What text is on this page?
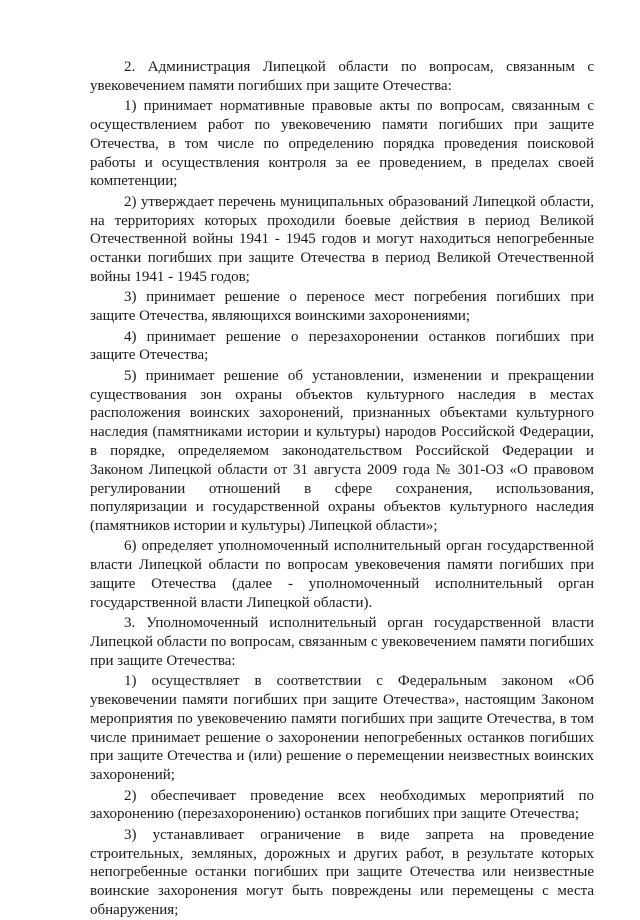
2. Администрация Липецкой области по вопросам, связанным с увековечением памяти погибших при защите Отечества:

1) принимает нормативные правовые акты по вопросам, связанным с осуществлением работ по увековечению памяти погибших при защите Отечества, в том числе по определению порядка проведения поисковой работы и осуществления контроля за ее проведением, в пределах своей компетенции;

2) утверждает перечень муниципальных образований Липецкой области, на территориях которых проходили боевые действия в период Великой Отечественной войны 1941 - 1945 годов и могут находиться непогребенные останки погибших при защите Отечества в период Великой Отечественной войны 1941 - 1945 годов;

3) принимает решение о переносе мест погребения погибших при защите Отечества, являющихся воинскими захоронениями;

4) принимает решение о перезахоронении останков погибших при защите Отечества;

5) принимает решение об установлении, изменении и прекращении существования зон охраны объектов культурного наследия в местах расположения воинских захоронений, признанных объектами культурного наследия (памятниками истории и культуры) народов Российской Федерации, в порядке, определяемом законодательством Российской Федерации и Законом Липецкой области от 31 августа 2009 года № 301-ОЗ «О правовом регулировании отношений в сфере сохранения, использования, популяризации и государственной охраны объектов культурного наследия (памятников истории и культуры) Липецкой области»;

6) определяет уполномоченный исполнительный орган государственной власти Липецкой области по вопросам увековечения памяти погибших при защите Отечества (далее - уполномоченный исполнительный орган государственной власти Липецкой области).

3. Уполномоченный исполнительный орган государственной власти Липецкой области по вопросам, связанным с увековечением памяти погибших при защите Отечества:

1) осуществляет в соответствии с Федеральным законом «Об увековечении памяти погибших при защите Отечества», настоящим Законом мероприятия по увековечению памяти погибших при защите Отечества, в том числе принимает решение о захоронении непогребенных останков погибших при защите Отечества и (или) решение о перемещении неизвестных воинских захоронений;

2) обеспечивает проведение всех необходимых мероприятий по захоронению (перезахоронению) останков погибших при защите Отечества;

3) устанавливает ограничение в виде запрета на проведение строительных, земляных, дорожных и других работ, в результате которых непогребенные останки погибших при защите Отечества или неизвестные воинские захоронения могут быть повреждены или перемещены с места обнаружения;
